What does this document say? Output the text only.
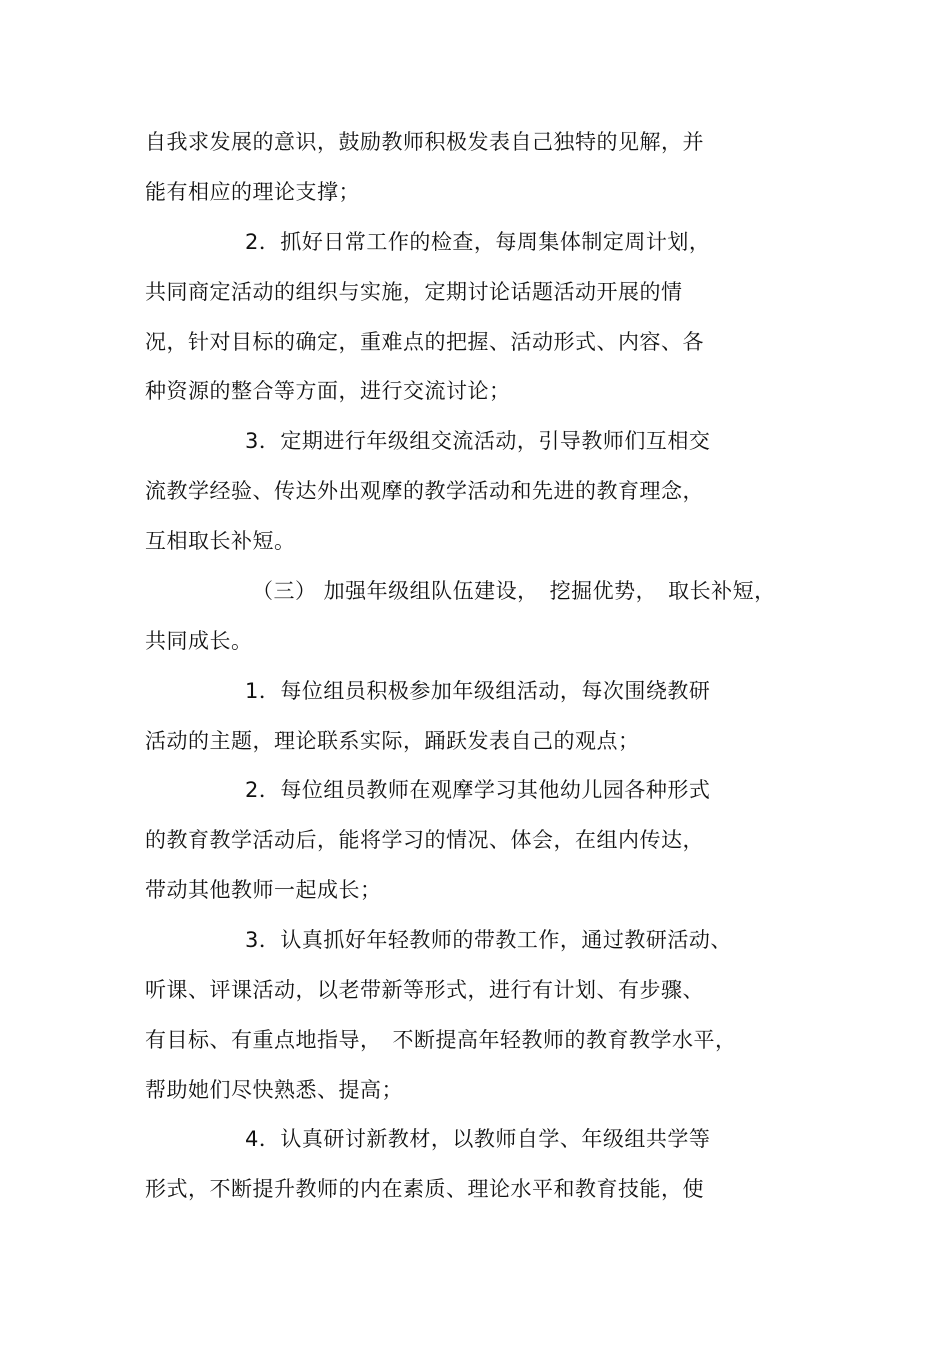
自我求发展的意识，鼓励教师积极发表自己独特的见解，并
能有相应的理论支撑；
2．抓好日常工作的检查，每周集体制定周计划，
共同商定活动的组织与实施，定期讨论话题活动开展的情
况，针对目标的确定，重难点的把握、活动形式、内容、各
种资源的整合等方面，进行交流讨论；
3．定期进行年级组交流活动，引导教师们互相交
流教学经验、传达外出观摩的教学活动和先进的教育理念，
互相取长补短。
（三） 加强年级组队伍建设，　挖掘优势，　取长补短，
共同成长。
1．每位组员积极参加年级组活动，每次围绕教研
活动的主题，理论联系实际，踊跃发表自己的观点；
2．每位组员教师在观摩学习其他幼儿园各种形式
的教育教学活动后，能将学习的情况、体会，在组内传达，
带动其他教师一起成长；
3．认真抓好年轻教师的带教工作，通过教研活动、
听课、评课活动，以老带新等形式，进行有计划、有步骤、
有目标、有重点地指导，　不断提高年轻教师的教育教学水平，
帮助她们尽快熟悉、提高；
4．认真研讨新教材，以教师自学、年级组共学等
形式，不断提升教师的内在素质、理论水平和教育技能，使
